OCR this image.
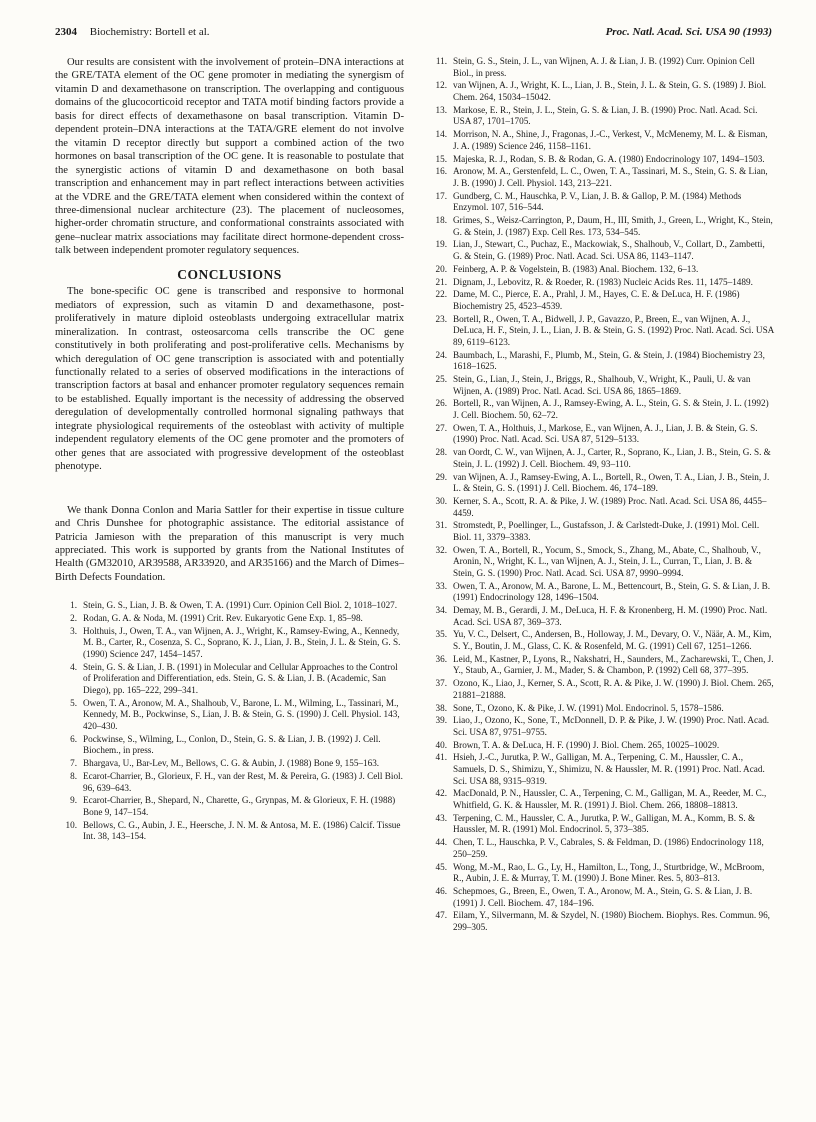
2304 Biochemistry: Bortell et al.	Proc. Natl. Acad. Sci. USA 90 (1993)

Our results are consistent with the involvement of protein–DNA interactions at the GRE/TATA element of the OC gene promoter in mediating the synergism of vitamin D and dexamethasone on transcription. The overlapping and contiguous domains of the glucocorticoid receptor and TATA motif binding factors provide a basis for direct effects of dexamethasone on basal transcription. Vitamin D-dependent protein–DNA interactions at the TATA/GRE element do not involve the vitamin D receptor directly but support a combined action of the two hormones on basal transcription of the OC gene. It is reasonable to postulate that the synergistic actions of vitamin D and dexamethasone on both basal transcription and enhancement may in part reflect interactions between activities at the VDRE and the GRE/TATA element when considered within the context of three-dimensional nuclear architecture (23). The placement of nucleosomes, higher-order chromatin structure, and conformational constraints associated with gene–nuclear matrix associations may facilitate direct hormone-dependent cross-talk between independent promoter regulatory sequences.

CONCLUSIONS

The bone-specific OC gene is transcribed and responsive to hormonal mediators of expression, such as vitamin D and dexamethasone, post-proliferatively in mature diploid osteoblasts undergoing extracellular matrix mineralization. In contrast, osteosarcoma cells transcribe the OC gene constitutively in both proliferating and post-proliferative cells. Mechanisms by which deregulation of OC gene transcription is associated with and potentially functionally related to a series of observed modifications in the interactions of transcription factors at basal and enhancer promoter regulatory sequences remain to be established. Equally important is the necessity of addressing the observed deregulation of developmentally controlled hormonal signaling pathways that integrate physiological requirements of the osteoblast with activity of multiple independent regulatory elements of the OC gene promoter and the promoters of other genes that are associated with progressive development of the osteoblast phenotype.

We thank Donna Conlon and Maria Sattler for their expertise in tissue culture and Chris Dunshee for photographic assistance. The editorial assistance of Patricia Jamieson with the preparation of this manuscript is very much appreciated. This work is supported by grants from the National Institutes of Health (GM32010, AR39588, AR33920, and AR35166) and the March of Dimes–Birth Defects Foundation.

1. Stein, G. S., Lian, J. B. & Owen, T. A. (1991) Curr. Opinion Cell Biol. 2, 1018–1027.
2. Rodan, G. A. & Noda, M. (1991) Crit. Rev. Eukaryotic Gene Exp. 1, 85–98.
3. Holthuis, J., Owen, T. A., van Wijnen, A. J., Wright, K., Ramsey-Ewing, A., Kennedy, M. B., Carter, R., Cosenza, S. C., Soprano, K. J., Lian, J. B., Stein, J. L. & Stein, G. S. (1990) Science 247, 1454–1457.
4. Stein, G. S. & Lian, J. B. (1991) in Molecular and Cellular Approaches to the Control of Proliferation and Differentiation, eds. Stein, G. S. & Lian, J. B. (Academic, San Diego), pp. 165–222, 299–341.
5. Owen, T. A., Aronow, M. A., Shalhoub, V., Barone, L. M., Wilming, L., Tassinari, M., Kennedy, M. B., Pockwinse, S., Lian, J. B. & Stein, G. S. (1990) J. Cell. Physiol. 143, 420–430.
6. Pockwinse, S., Wilming, L., Conlon, D., Stein, G. S. & Lian, J. B. (1992) J. Cell. Biochem., in press.
7. Bhargava, U., Bar-Lev, M., Bellows, C. G. & Aubin, J. (1988) Bone 9, 155–163.
8. Ecarot-Charrier, B., Glorieux, F. H., van der Rest, M. & Pereira, G. (1983) J. Cell Biol. 96, 639–643.
9. Ecarot-Charrier, B., Shepard, N., Charette, G., Grynpas, M. & Glorieux, F. H. (1988) Bone 9, 147–154.
10. Bellows, C. G., Aubin, J. E., Heersche, J. N. M. & Antosa, M. E. (1986) Calcif. Tissue Int. 38, 143–154.
11. Stein, G. S., Stein, J. L., van Wijnen, A. J. & Lian, J. B. (1992) Curr. Opinion Cell Biol., in press.
12. van Wijnen, A. J., Wright, K. L., Lian, J. B., Stein, J. L. & Stein, G. S. (1989) J. Biol. Chem. 264, 15034–15042.
13. Markose, E. R., Stein, J. L., Stein, G. S. & Lian, J. B. (1990) Proc. Natl. Acad. Sci. USA 87, 1701–1705.
14. Morrison, N. A., Shine, J., Fragonas, J.-C., Verkest, V., McMenemy, M. L. & Eisman, J. A. (1989) Science 246, 1158–1161.
15. Majeska, R. J., Rodan, S. B. & Rodan, G. A. (1980) Endocrinology 107, 1494–1503.
16. Aronow, M. A., Gerstenfeld, L. C., Owen, T. A., Tassinari, M. S., Stein, G. S. & Lian, J. B. (1990) J. Cell. Physiol. 143, 213–221.
17. Gundberg, C. M., Hauschka, P. V., Lian, J. B. & Gallop, P. M. (1984) Methods Enzymol. 107, 516–544.
18. Grimes, S., Weisz-Carrington, P., Daum, H., III, Smith, J., Green, L., Wright, K., Stein, G. & Stein, J. (1987) Exp. Cell Res. 173, 534–545.
19. Lian, J., Stewart, C., Puchaz, E., Mackowiak, S., Shalhoub, V., Collart, D., Zambetti, G. & Stein, G. (1989) Proc. Natl. Acad. Sci. USA 86, 1143–1147.
20. Feinberg, A. P. & Vogelstein, B. (1983) Anal. Biochem. 132, 6–13.
21. Dignam, J., Lebovitz, R. & Roeder, R. (1983) Nucleic Acids Res. 11, 1475–1489.
22. Dame, M. C., Pierce, E. A., Prahl, J. M., Hayes, C. E. & DeLuca, H. F. (1986) Biochemistry 25, 4523–4539.
23. Bortell, R., Owen, T. A., Bidwell, J. P., Gavazzo, P., Breen, E., van Wijnen, A. J., DeLuca, H. F., Stein, J. L., Lian, J. B. & Stein, G. S. (1992) Proc. Natl. Acad. Sci. USA 89, 6119–6123.
24. Baumbach, L., Marashi, F., Plumb, M., Stein, G. & Stein, J. (1984) Biochemistry 23, 1618–1625.
25. Stein, G., Lian, J., Stein, J., Briggs, R., Shalhoub, V., Wright, K., Pauli, U. & van Wijnen, A. (1989) Proc. Natl. Acad. Sci. USA 86, 1865–1869.
26. Bortell, R., van Wijnen, A. J., Ramsey-Ewing, A. L., Stein, G. S. & Stein, J. L. (1992) J. Cell. Biochem. 50, 62–72.
27. Owen, T. A., Holthuis, J., Markose, E., van Wijnen, A. J., Lian, J. B. & Stein, G. S. (1990) Proc. Natl. Acad. Sci. USA 87, 5129–5133.
28. van Oordt, C. W., van Wijnen, A. J., Carter, R., Soprano, K., Lian, J. B., Stein, G. S. & Stein, J. L. (1992) J. Cell. Biochem. 49, 93–110.
29. van Wijnen, A. J., Ramsey-Ewing, A. L., Bortell, R., Owen, T. A., Lian, J. B., Stein, J. L. & Stein, G. S. (1991) J. Cell. Biochem. 46, 174–189.
30. Kerner, S. A., Scott, R. A. & Pike, J. W. (1989) Proc. Natl. Acad. Sci. USA 86, 4455–4459.
31. Stromstedt, P., Poellinger, L., Gustafsson, J. & Carlstedt-Duke, J. (1991) Mol. Cell. Biol. 11, 3379–3383.
32. Owen, T. A., Bortell, R., Yocum, S., Smock, S., Zhang, M., Abate, C., Shalhoub, V., Aronin, N., Wright, K. L., van Wijnen, A. J., Stein, J. L., Curran, T., Lian, J. B. & Stein, G. S. (1990) Proc. Natl. Acad. Sci. USA 87, 9990–9994.
33. Owen, T. A., Aronow, M. A., Barone, L. M., Bettencourt, B., Stein, G. S. & Lian, J. B. (1991) Endocrinology 128, 1496–1504.
34. Demay, M. B., Gerardi, J. M., DeLuca, H. F. & Kronenberg, H. M. (1990) Proc. Natl. Acad. Sci. USA 87, 369–373.
35. Yu, V. C., Delsert, C., Andersen, B., Holloway, J. M., Devary, O. V., Näär, A. M., Kim, S. Y., Boutin, J. M., Glass, C. K. & Rosenfeld, M. G. (1991) Cell 67, 1251–1266.
36. Leid, M., Kastner, P., Lyons, R., Nakshatri, H., Saunders, M., Zacharewski, T., Chen, J. Y., Staub, A., Garnier, J. M., Mader, S. & Chambon, P. (1992) Cell 68, 377–395.
37. Ozono, K., Liao, J., Kerner, S. A., Scott, R. A. & Pike, J. W. (1990) J. Biol. Chem. 265, 21881–21888.
38. Sone, T., Ozono, K. & Pike, J. W. (1991) Mol. Endocrinol. 5, 1578–1586.
39. Liao, J., Ozono, K., Sone, T., McDonnell, D. P. & Pike, J. W. (1990) Proc. Natl. Acad. Sci. USA 87, 9751–9755.
40. Brown, T. A. & DeLuca, H. F. (1990) J. Biol. Chem. 265, 10025–10029.
41. Hsieh, J.-C., Jurutka, P. W., Galligan, M. A., Terpening, C. M., Haussler, C. A., Samuels, D. S., Shimizu, Y., Shimizu, N. & Haussler, M. R. (1991) Proc. Natl. Acad. Sci. USA 88, 9315–9319.
42. MacDonald, P. N., Haussler, C. A., Terpening, C. M., Galligan, M. A., Reeder, M. C., Whitfield, G. K. & Haussler, M. R. (1991) J. Biol. Chem. 266, 18808–18813.
43. Terpening, C. M., Haussler, C. A., Jurutka, P. W., Galligan, M. A., Komm, B. S. & Haussler, M. R. (1991) Mol. Endocrinol. 5, 373–385.
44. Chen, T. L., Hauschka, P. V., Cabrales, S. & Feldman, D. (1986) Endocrinology 118, 250–259.
45. Wong, M.-M., Rao, L. G., Ly, H., Hamilton, L., Tong, J., Sturtbridge, W., McBroom, R., Aubin, J. E. & Murray, T. M. (1990) J. Bone Miner. Res. 5, 803–813.
46. Schepmoes, G., Breen, E., Owen, T. A., Aronow, M. A., Stein, G. S. & Lian, J. B. (1991) J. Cell. Biochem. 47, 184–196.
47. Eilam, Y., Silvermann, M. & Szydel, N. (1980) Biochem. Biophys. Res. Commun. 96, 299–305.
